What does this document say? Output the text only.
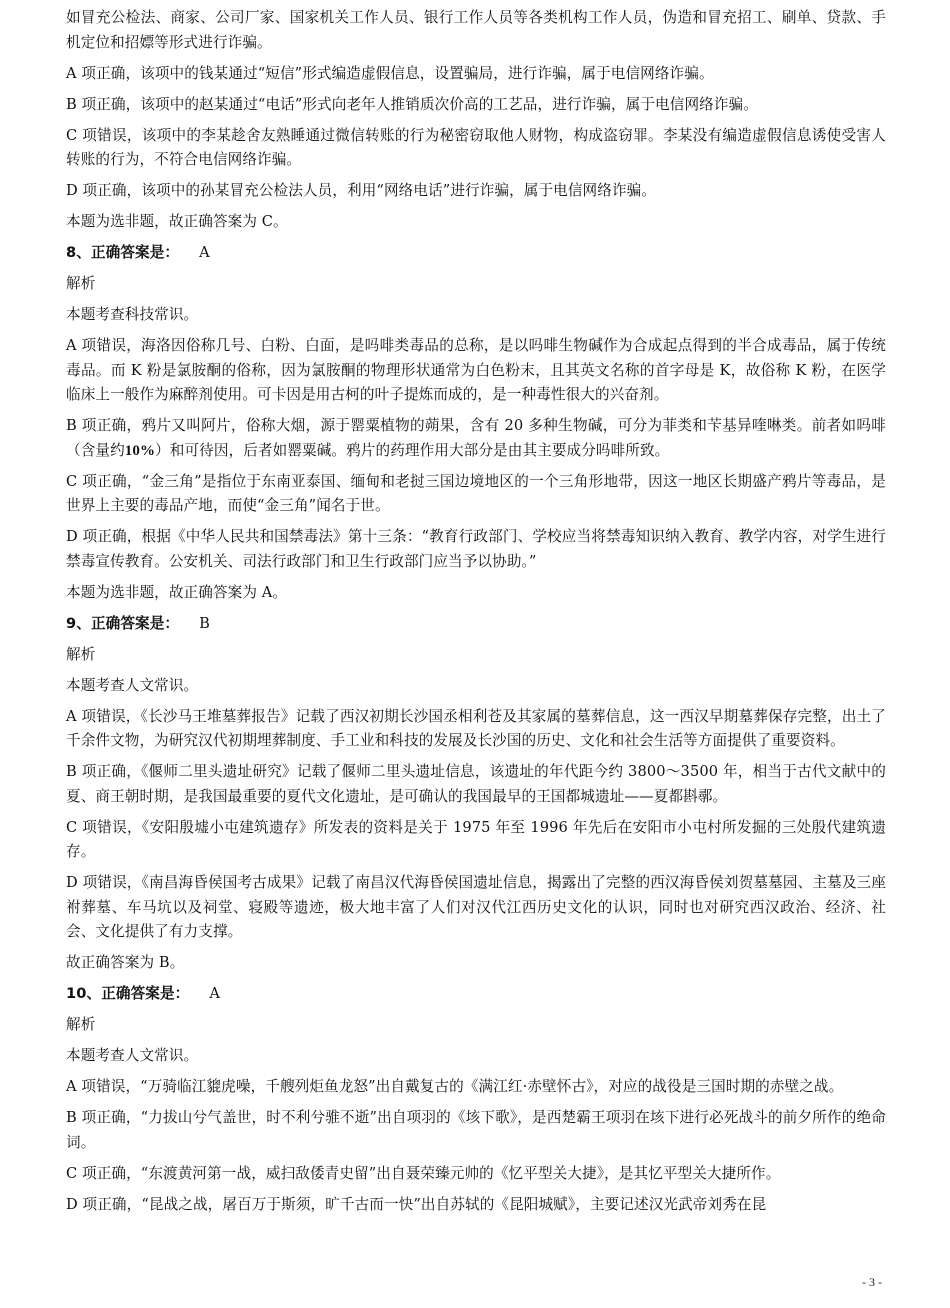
如冒充公检法、商家、公司厂家、国家机关工作人员、银行工作人员等各类机构工作人员，伪造和冒充招工、刷单、贷款、手机定位和招嫖等形式进行诈骗。

A 项正确，该项中的钱某通过“短信”形式编造虚假信息，设置骗局，进行诈骗，属于电信网络诈骗。

B 项正确，该项中的赵某通过“电话”形式向老年人推销质次价高的工艺品，进行诈骗，属于电信网络诈骗。

C 项错误，该项中的李某趁舍友熟睡通过微信转账的行为秘密窃取他人财物，构成盗窃罪。李某没有编造虚假信息诱使受害人转账的行为，不符合电信网络诈骗。

D 项正确，该项中的孙某冒充公检法人员，利用“网络电话”进行诈骗，属于电信网络诈骗。

本题为选非题，故正确答案为 C。

8、正确答案是： A

解析

本题考查科技常识。

A 项错误，海洛因俗称几号、白粉、白面，是吗啡类毒品的总称，是以吗啡生物碱作为合成起点得到的半合成毒品，属于传统毒品。而 K 粉是氯胺酮的俗称，因为氯胺酮的物理形状通常为白色粉末，且其英文名称的首字母是 K，故俗称 K 粉，在医学临床上一般作为麻醉剂使用。可卡因是用古柯的叶子提炼而成的，是一种毒性很大的兴奋剂。

B 项正确，鸦片又叫阿片，俗称大烟，源于罂粟植物的蒴果，含有 20 多种生物碱，可分为菲类和苄基异喹啉类。前者如吗啡（含量约10%）和可待因，后者如罂粟碱。鸦片的药理作用大部分是由其主要成分吗啡所致。

C 项正确，“金三角”是指位于东南亚泰国、缅甸和老挝三国边境地区的一个三角形地带，因这一地区长期盛产鸦片等毒品，是世界上主要的毒品产地，而使“金三角”闻名于世。

D 项正确，根据《中华人民共和国禁毒法》第十三条：“教育行政部门、学校应当将禁毒知识纳入教育、教学内容，对学生进行禁毒宣传教育。公安机关、司法行政部门和卫生行政部门应当予以协助。”

本题为选非题，故正确答案为 A。

9、正确答案是： B

解析

本题考查人文常识。

A 项错误，《长沙马王堆墓葬报告》记载了西汉初期长沙国丞相利苍及其家属的墓葬信息，这一西汉早期墓葬保存完整，出土了千余件文物，为研究汉代初期埋葬制度、手工业和科技的发展及长沙国的历史、文化和社会生活等方面提供了重要资料。

B 项正确，《偃师二里头遗址研究》记载了偃师二里头遗址信息，该遗址的年代距今约 3800～3500 年，相当于古代文献中的夏、商王朝时期，是我国最重要的夏代文化遗址，是可确认的我国最早的王国都城遗址——夏都斟鄩。

C 项错误，《安阳殷墟小屯建筑遗存》所发表的资料是关于 1975 年至 1996 年先后在安阳市小屯村所发掘的三处殷代建筑遗存。

D 项错误，《南昌海昏侯国考古成果》记载了南昌汉代海昏侯国遗址信息，揭露出了完整的西汉海昏侯刘贺墓墓园、主墓及三座祔葬墓、车马坑以及祠堂、寝殿等遗迹，极大地丰富了人们对汉代江西历史文化的认识，同时也对研究西汉政治、经济、社会、文化提供了有力支撑。

故正确答案为 B。

10、正确答案是： A

解析

本题考查人文常识。

A 项错误，“万骑临江貔虎噪，千艘列炬鱼龙怒”出自戴复古的《满江红·赤壁怀古》，对应的战役是三国时期的赤壁之战。

B 项正确，“力拔山兮气盖世，时不利兮骓不逝”出自项羽的《垓下歌》，是西楚霸王项羽在垓下进行必死战斗的前夕所作的绝命词。

C 项正确，“东渡黄河第一战，威扫敌倭青史留”出自聂荣臻元帅的《忆平型关大捷》，是其忆平型关大捷所作。

D 项正确，“昆战之战，屠百万于斯须，旷千古而一快”出自苏轼的《昆阳城赋》，主要记述汉光武帝刘秀在昆

- 3 -
